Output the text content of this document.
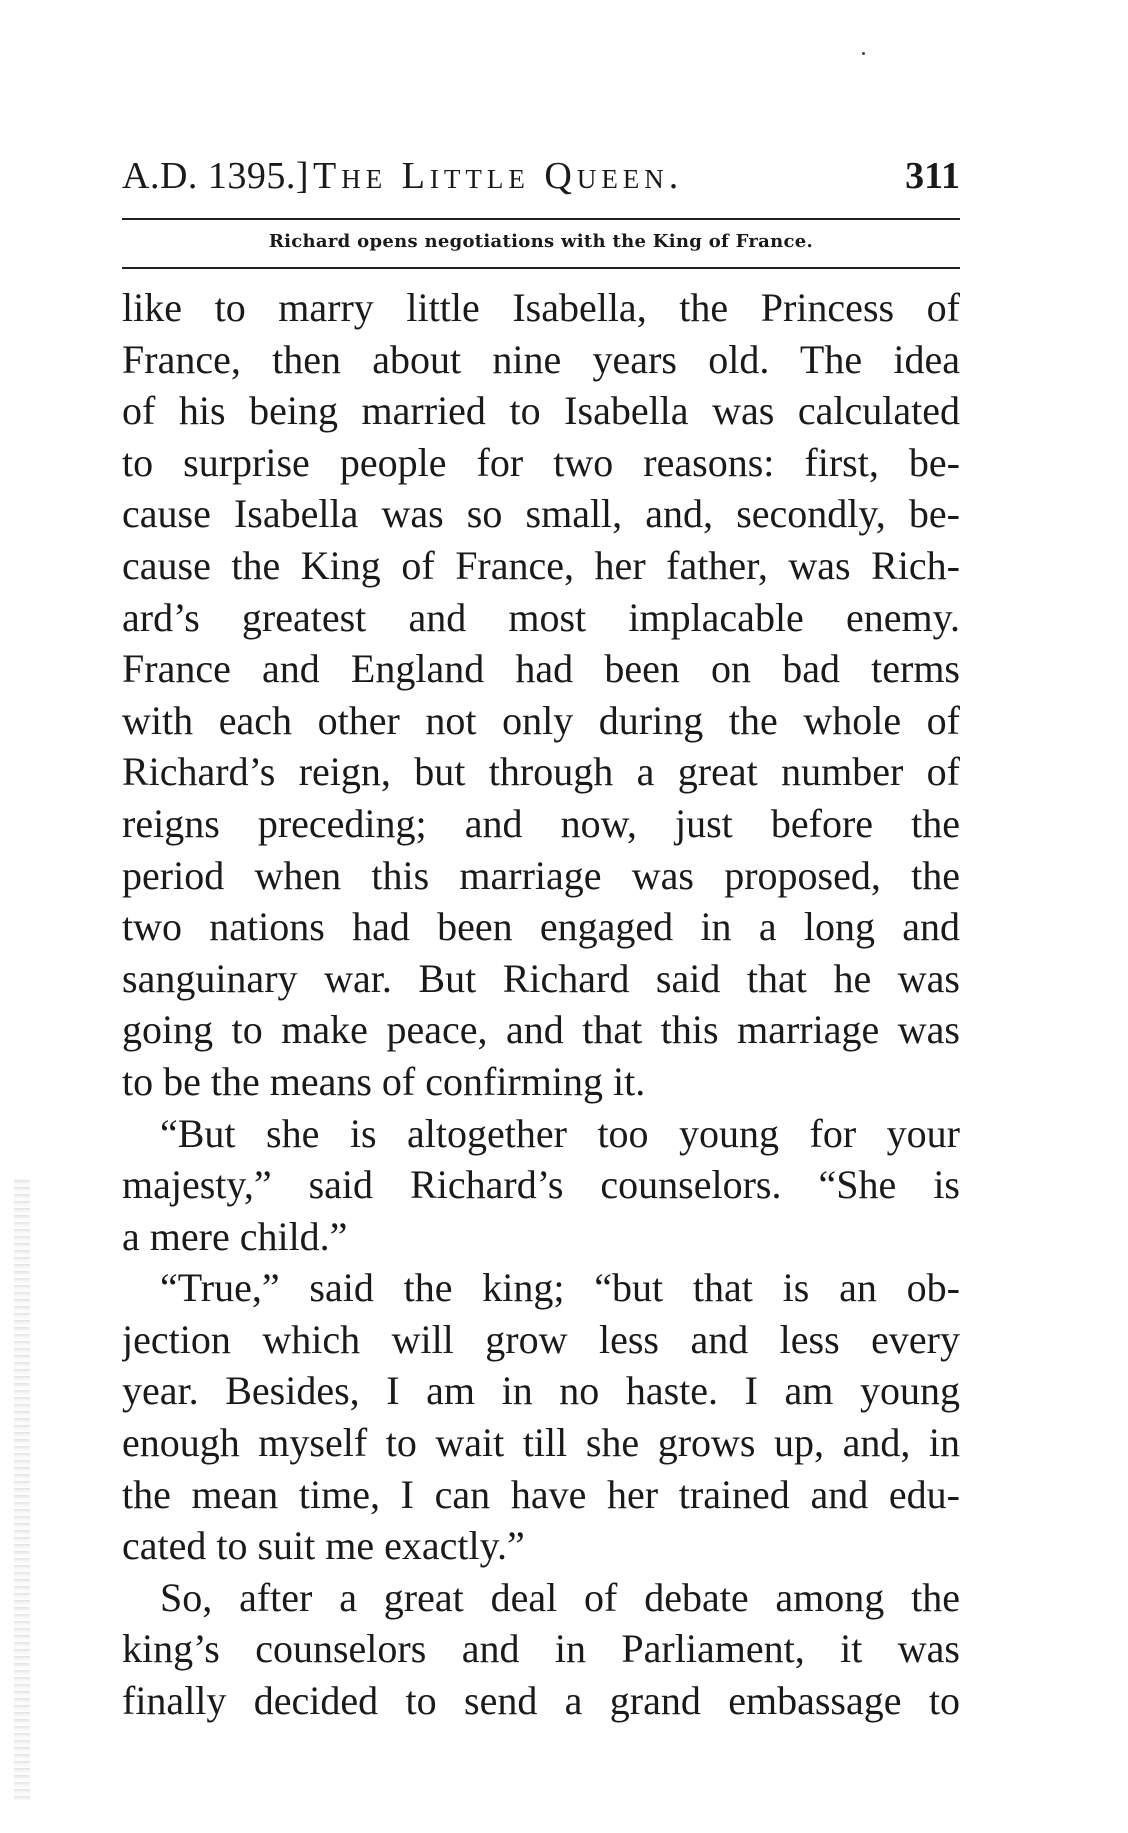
A.D. 1395.] The Little Queen.	311
Richard opens negotiations with the King of France.
like to marry little Isabella, the Princess of
France, then about nine years old. The idea
of his being married to Isabella was calculated
to surprise people for two reasons: first, be-
cause Isabella was so small, and, secondly, be-
cause the King of France, her father, was Rich-
ard’s greatest and most implacable enemy.
France and England had been on bad terms
with each other not only during the whole of
Richard’s reign, but through a great number of
reigns preceding; and now, just before the
period when this marriage was proposed, the
two nations had been engaged in a long and
sanguinary war. But Richard said that he was
going to make peace, and that this marriage was
to be the means of confirming it.
“But she is altogether too young for your
majesty,” said Richard’s counselors. “She is
a mere child.”
“True,” said the king; “but that is an ob-
jection which will grow less and less every
year. Besides, I am in no haste. I am young
enough myself to wait till she grows up, and, in
the mean time, I can have her trained and edu-
cated to suit me exactly.”
So, after a great deal of debate among the
king’s counselors and in Parliament, it was
finally decided to send a grand embassage to
